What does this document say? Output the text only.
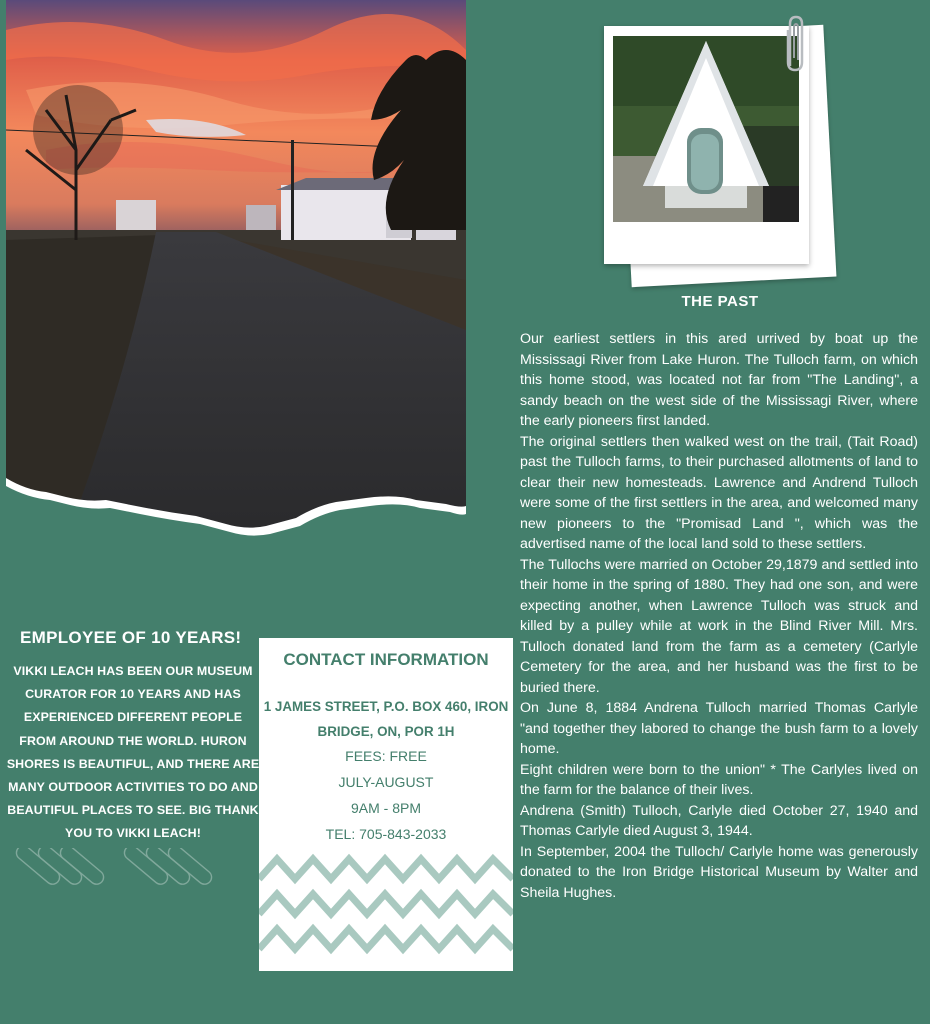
THE PAST

Our earliest settlers in this ared urrived by boat up the Mississagi River from Lake Huron. The Tulloch farm, on which this home stood, was located not far from "The Landing", a sandy beach on the west side of the Mississagi River, where the early pioneers first landed.

The original settlers then walked west on the trail, (Tait Road) past the Tulloch farms, to their purchased allotments of land to clear their new homesteads. Lawrence and Andrend Tulloch were some of the first settlers in the area, and welcomed many new pioneers to the "Promisad Land ", which was the advertised name of the local land sold to these settlers.

The Tullochs were married on October 29,1879 and settled into their home in the spring of 1880. They had one son, and were expecting another, when Lawrence Tulloch was struck and killed by a pulley while at work in the Blind River Mill. Mrs. Tulloch donated land from the farm as a cemetery (Carlyle Cemetery for the area, and her husband was the first to be buried there.

On June 8, 1884 Andrena Tulloch married Thomas Carlyle "and together they labored to change the bush farm to a lovely home.

Eight children were born to the union" * The Carlyles lived on the farm for the balance of their lives.

Andrena (Smith) Tulloch, Carlyle died October 27, 1940 and Thomas Carlyle died August 3, 1944.

In September, 2004 the Tulloch/ Carlyle home was generously donated to the Iron Bridge Historical Museum by Walter and Sheila Hughes.

EMPLOYEE OF 10 YEARS!
VIKKI LEACH HAS BEEN OUR MUSEUM CURATOR FOR 10 YEARS AND HAS EXPERIENCED DIFFERENT PEOPLE FROM AROUND THE WORLD. HURON SHORES IS BEAUTIFUL, AND THERE ARE MANY OUTDOOR ACTIVITIES TO DO AND BEAUTIFUL PLACES TO SEE. BIG THANK YOU TO VIKKI LEACH!
CONTACT INFORMATION
1 JAMES STREET, P.O. BOX 460, IRON BRIDGE, ON, POR 1H
FEES: FREE
JULY-AUGUST
9AM - 8PM
TEL: 705-843-2033
